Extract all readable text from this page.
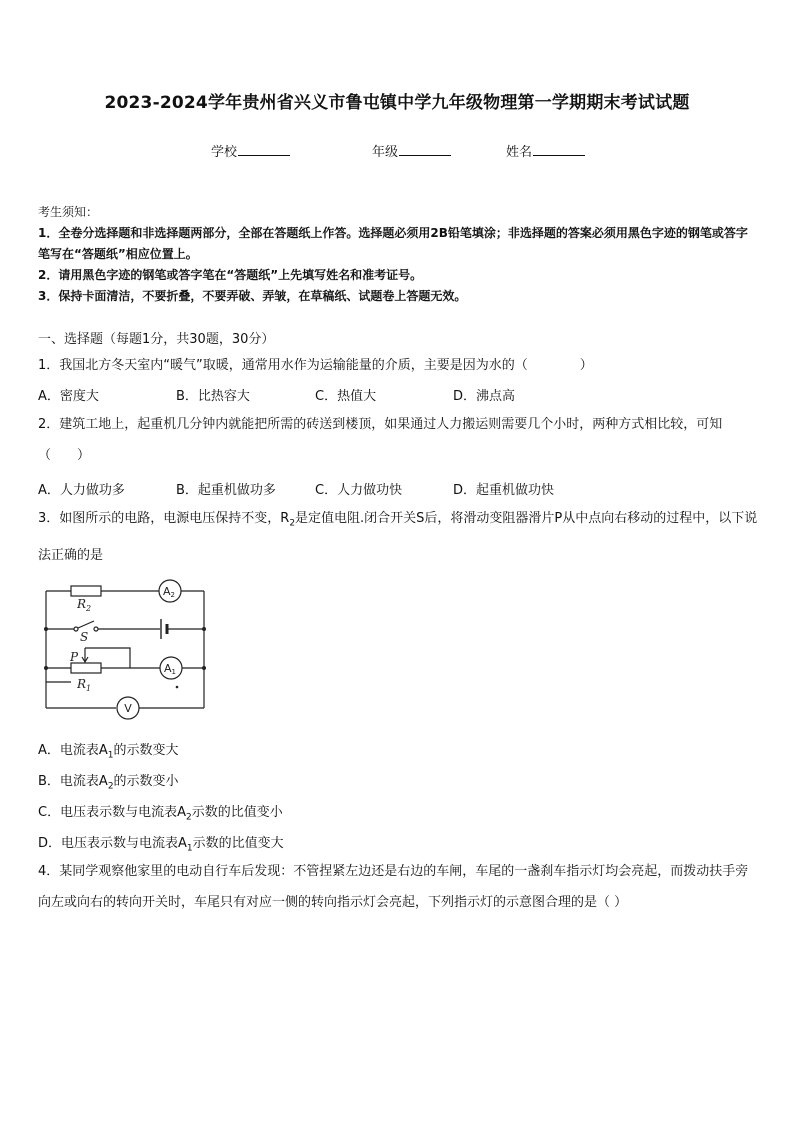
2023-2024学年贵州省兴义市鲁屯镇中学九年级物理第一学期期末考试试题
学校	年级	姓名
考生须知：
1．全卷分选择题和非选择题两部分，全部在答题纸上作答。选择题必须用2B铅笔填涂；非选择题的答案必须用黑色字迹的钢笔或答字笔写在“答题纸”相应位置上。
2．请用黑色字迹的钢笔或答字笔在“答题纸”上先填写姓名和准考证号。
3．保持卡面清洁，不要折叠，不要弄破、弄皱，在草稿纸、试题卷上答题无效。
一、选择题（每题1分，共30题，30分）
1．我国北方冬天室内“暖气”取暖，通常用水作为运输能量的介质，主要是因为水的（　　　　）
A．密度大	B．比热容大	C．热值大	D．沸点高
2．建筑工地上，起重机几分钟内就能把所需的砖送到楼顶，如果通过人力搬运则需要几个小时，两种方式相比较，可知（　　）
A．人力做功多	B．起重机做功多	C．人力做功快	D．起重机做功快
3．如图所示的电路，电源电压保持不变，$R_2$是定值电阻.闭合开关S后，将滑动变阻器滑片P从中点向右移动的过程中，以下说法正确的是
$R_2$
S
P
$R_1$
A2
A1
V
A．电流表$A_1$的示数变大
B．电流表$A_2$的示数变小
C．电压表示数与电流表$A_2$示数的比值变小
D．电压表示数与电流表$A_1$示数的比值变大
4．某同学观察他家里的电动自行车后发现：不管捏紧左边还是右边的车闸，车尾的一盏刹车指示灯均会亮起，而拨动扶手旁向左或向右的转向开关时，车尾只有对应一侧的转向指示灯会亮起，下列指示灯的示意图合理的是（ ）
